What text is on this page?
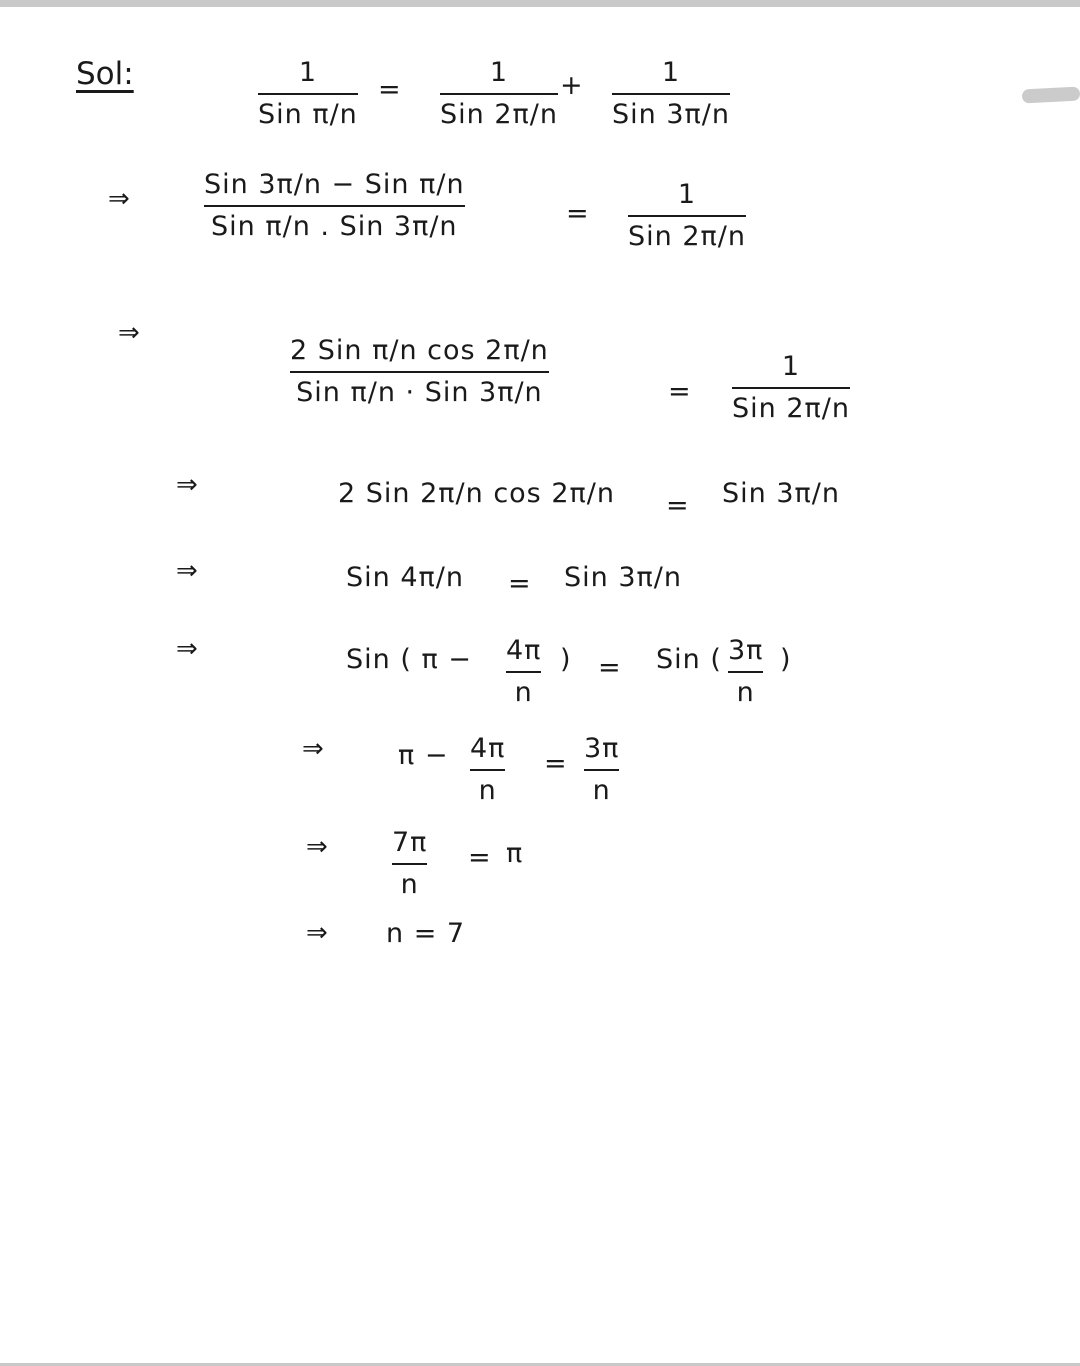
Sol:	1
Sin π/n
=
1
Sin 2π/n
+	1
Sin 3π/n
⇒	Sin 3π/n − Sin π/n
Sin π/n . Sin 3π/n	=
1
Sin 2π/n
⇒
2 Sin π/n cos 2π/n
Sin π/n · Sin 3π/n	=
1
Sin 2π/n
⇒	2 Sin 2π/n cos 2π/n = Sin 3π/n
⇒	Sin 4π/n = Sin 3π/n
⇒	Sin ( π − 4π
n
) = Sin ( 3π
n
)
⇒	π − 4π
n
= 3π
n
⇒ 7π
n
= π
⇒ n = 7
